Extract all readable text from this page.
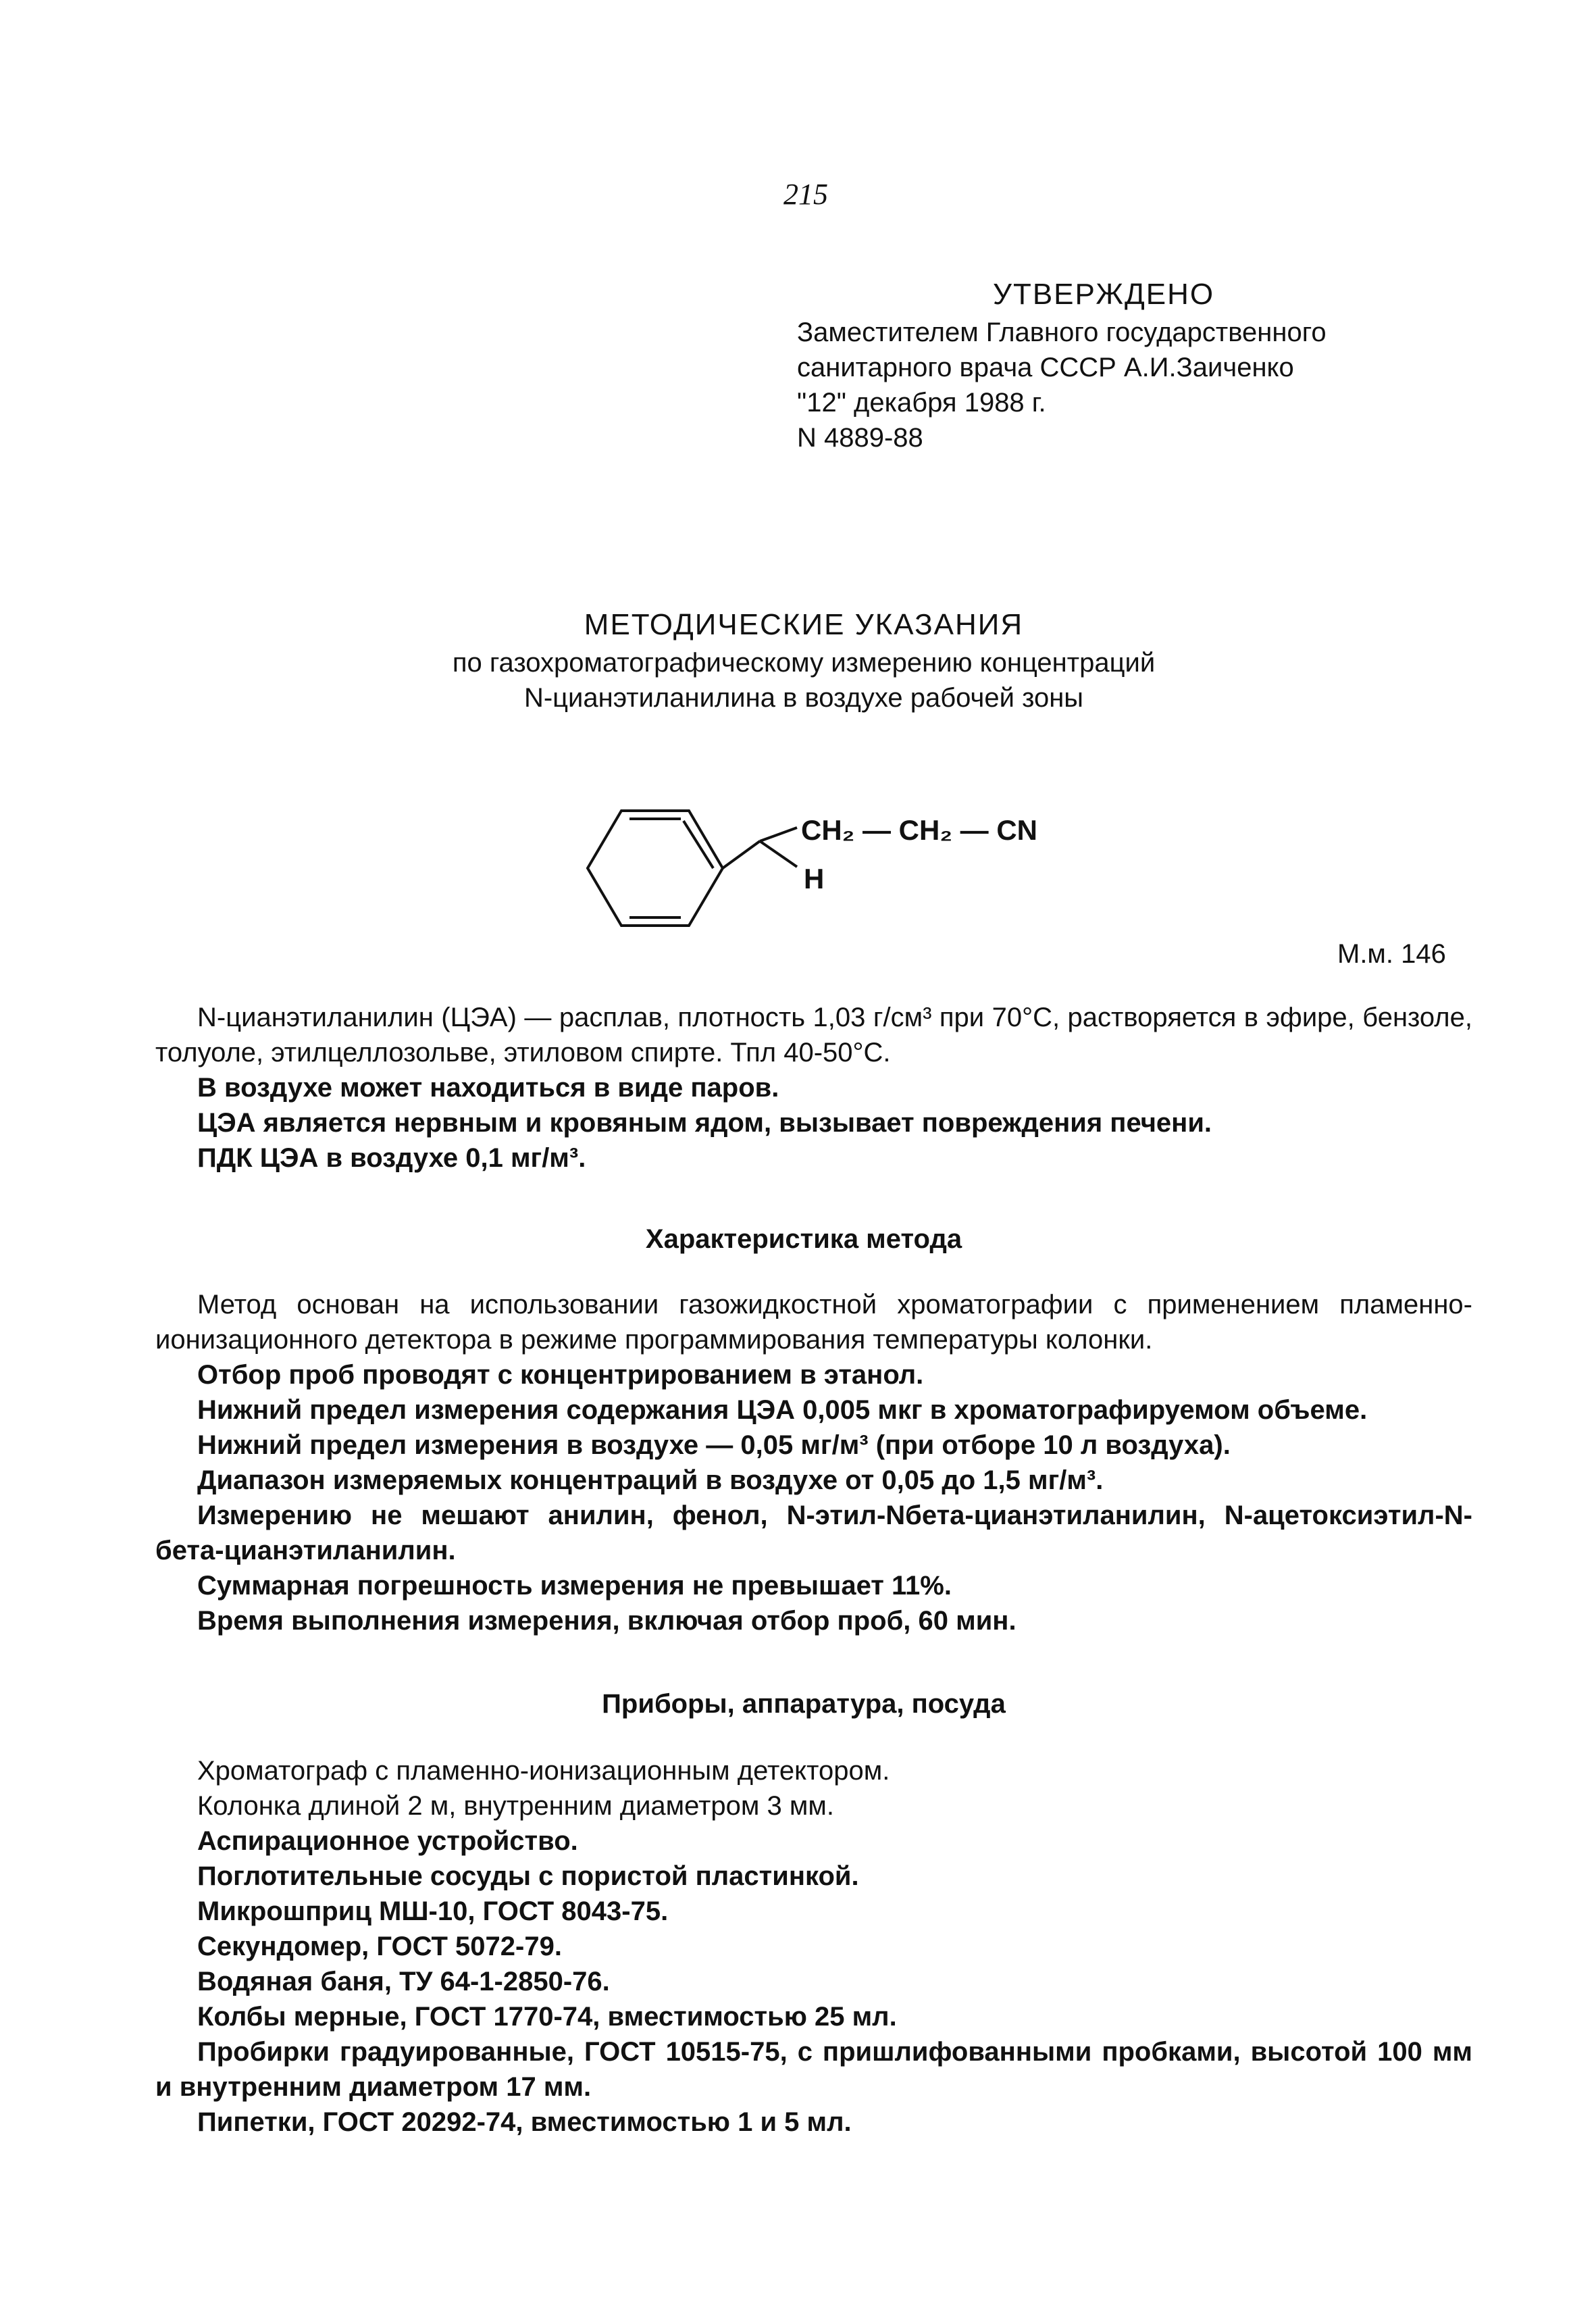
215
УТВЕРЖДЕНО
Заместителем Главного государственного
санитарного врача СССР А.И.Заиченко
"12" декабря 1988 г.
N 4889-88
МЕТОДИЧЕСКИЕ УКАЗАНИЯ
по газохроматографическому измерению концентраций
N-цианэтиланилина в воздухе рабочей зоны
CH₂ — CH₂ — CN
H
М.м. 146

N-цианэтиланилин (ЦЭА) — расплав, плотность 1,03 г/см³ при 70°С, растворяется в эфире, бензоле, толуоле, этилцеллозольве, этиловом спирте. Тпл 40-50°С.

В воздухе может находиться в виде паров.

ЦЭА является нервным и кровяным ядом, вызывает повреждения печени.

ПДК ЦЭА в воздухе 0,1 мг/м³.

Характеристика метода

Метод основан на использовании газожидкостной хроматографии с применением пламенно-ионизационного детектора в режиме программирования температуры колонки.

Отбор проб проводят с концентрированием в этанол.

Нижний предел измерения содержания ЦЭА 0,005 мкг в хроматографируемом объеме.

Нижний предел измерения в воздухе — 0,05 мг/м³ (при отборе 10 л воздуха).

Диапазон измеряемых концентраций в воздухе от 0,05 до 1,5 мг/м³.

Измерению не мешают анилин, фенол, N-этил-Nбета-цианэтиланилин, N-ацетоксиэтил-N-бета-цианэтиланилин.

Суммарная погрешность измерения не превышает 11%.

Время выполнения измерения, включая отбор проб, 60 мин.

Приборы, аппаратура, посуда

Хроматограф с пламенно-ионизационным детектором.

Колонка длиной 2 м, внутренним диаметром 3 мм.

Аспирационное устройство.

Поглотительные сосуды с пористой пластинкой.

Микрошприц МШ-10, ГОСТ 8043-75.

Секундомер, ГОСТ 5072-79.

Водяная баня, ТУ 64-1-2850-76.

Колбы мерные, ГОСТ 1770-74, вместимостью 25 мл.

Пробирки градуированные, ГОСТ 10515-75, с пришлифованными пробками, высотой 100 мм и внутренним диаметром 17 мм.

Пипетки, ГОСТ 20292-74, вместимостью 1 и 5 мл.
